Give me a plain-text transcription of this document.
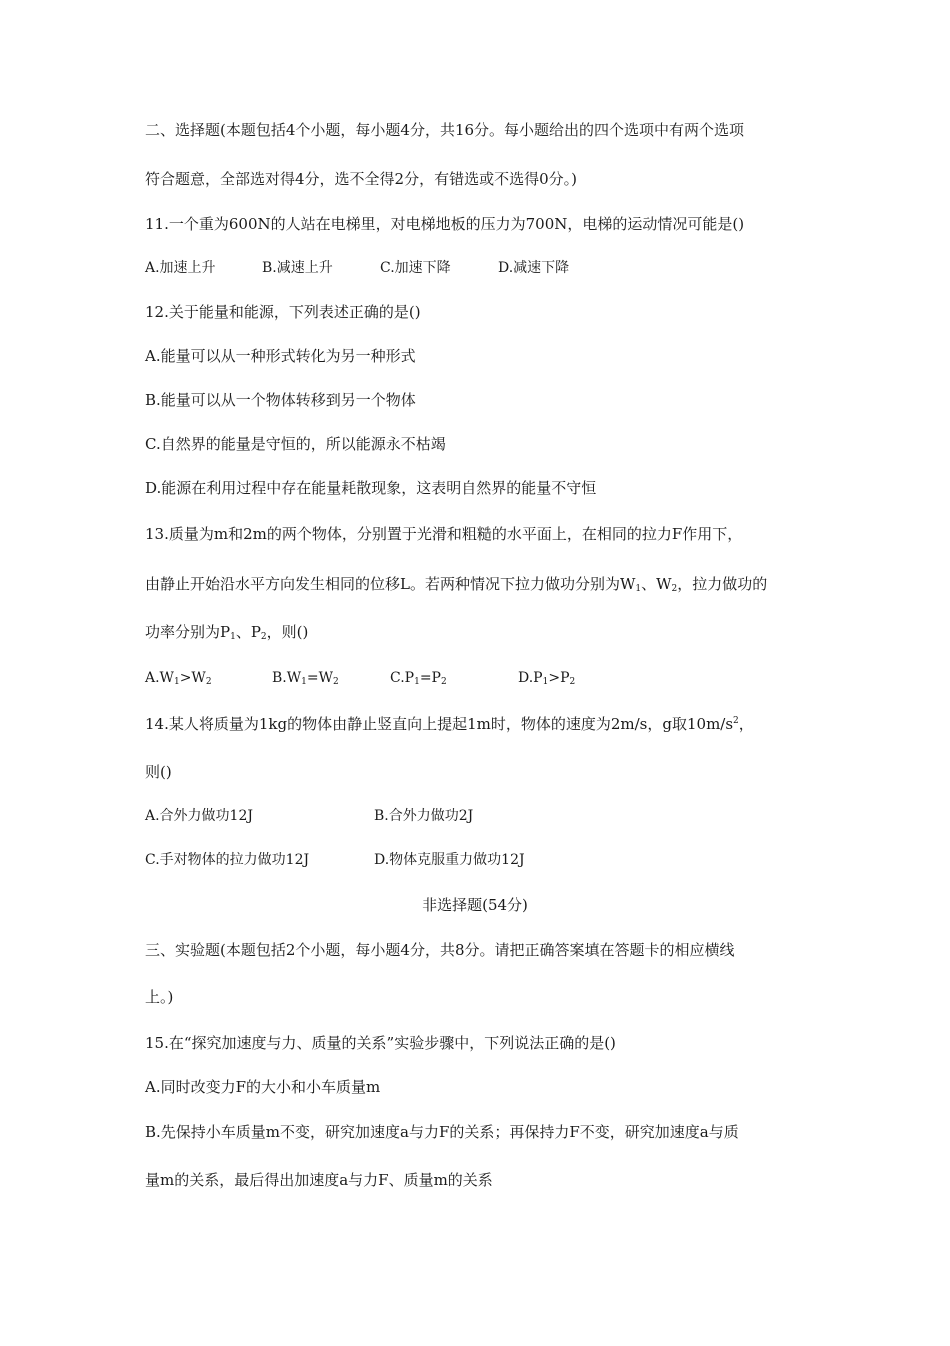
二、选择题(本题包括4个小题，每小题4分，共16分。每小题给出的四个选项中有两个选项
符合题意，全部选对得4分，选不全得2分，有错选或不选得0分。)
11.一个重为600N的人站在电梯里，对电梯地板的压力为700N，电梯的运动情况可能是()
A.加速上升	B.减速上升	C.加速下降	D.减速下降
12.关于能量和能源，下列表述正确的是()
A.能量可以从一种形式转化为另一种形式
B.能量可以从一个物体转移到另一个物体
C.自然界的能量是守恒的，所以能源永不枯竭
D.能源在利用过程中存在能量耗散现象，这表明自然界的能量不守恒
13.质量为m和2m的两个物体，分别置于光滑和粗糙的水平面上，在相同的拉力F作用下，
由静止开始沿水平方向发生相同的位移L。若两种情况下拉力做功分别为$W_1$、$W_2$，拉力做功的
功率分别为$P_1$、$P_2$，则()
$A.W_1>W_2$	$B.W_1=W_2$	$C.P_1=P_2$	$D.P_1>P_2$
14.某人将质量为1kg的物体由静止竖直向上提起1m时，物体的速度为2m/s，g取$10m/s^2$，
则()
A.合外力做功12J	B.合外力做功2J
C.手对物体的拉力做功12J	D.物体克服重力做功12J
非选择题(54分)
三、实验题(本题包括2个小题，每小题4分，共8分。请把正确答案填在答题卡的相应横线
上。)
15.在“探究加速度与力、质量的关系”实验步骤中，下列说法正确的是()
A.同时改变力F的大小和小车质量m
B.先保持小车质量m不变，研究加速度a与力F的关系；再保持力F不变，研究加速度a与质
量m的关系，最后得出加速度a与力F、质量m的关系
